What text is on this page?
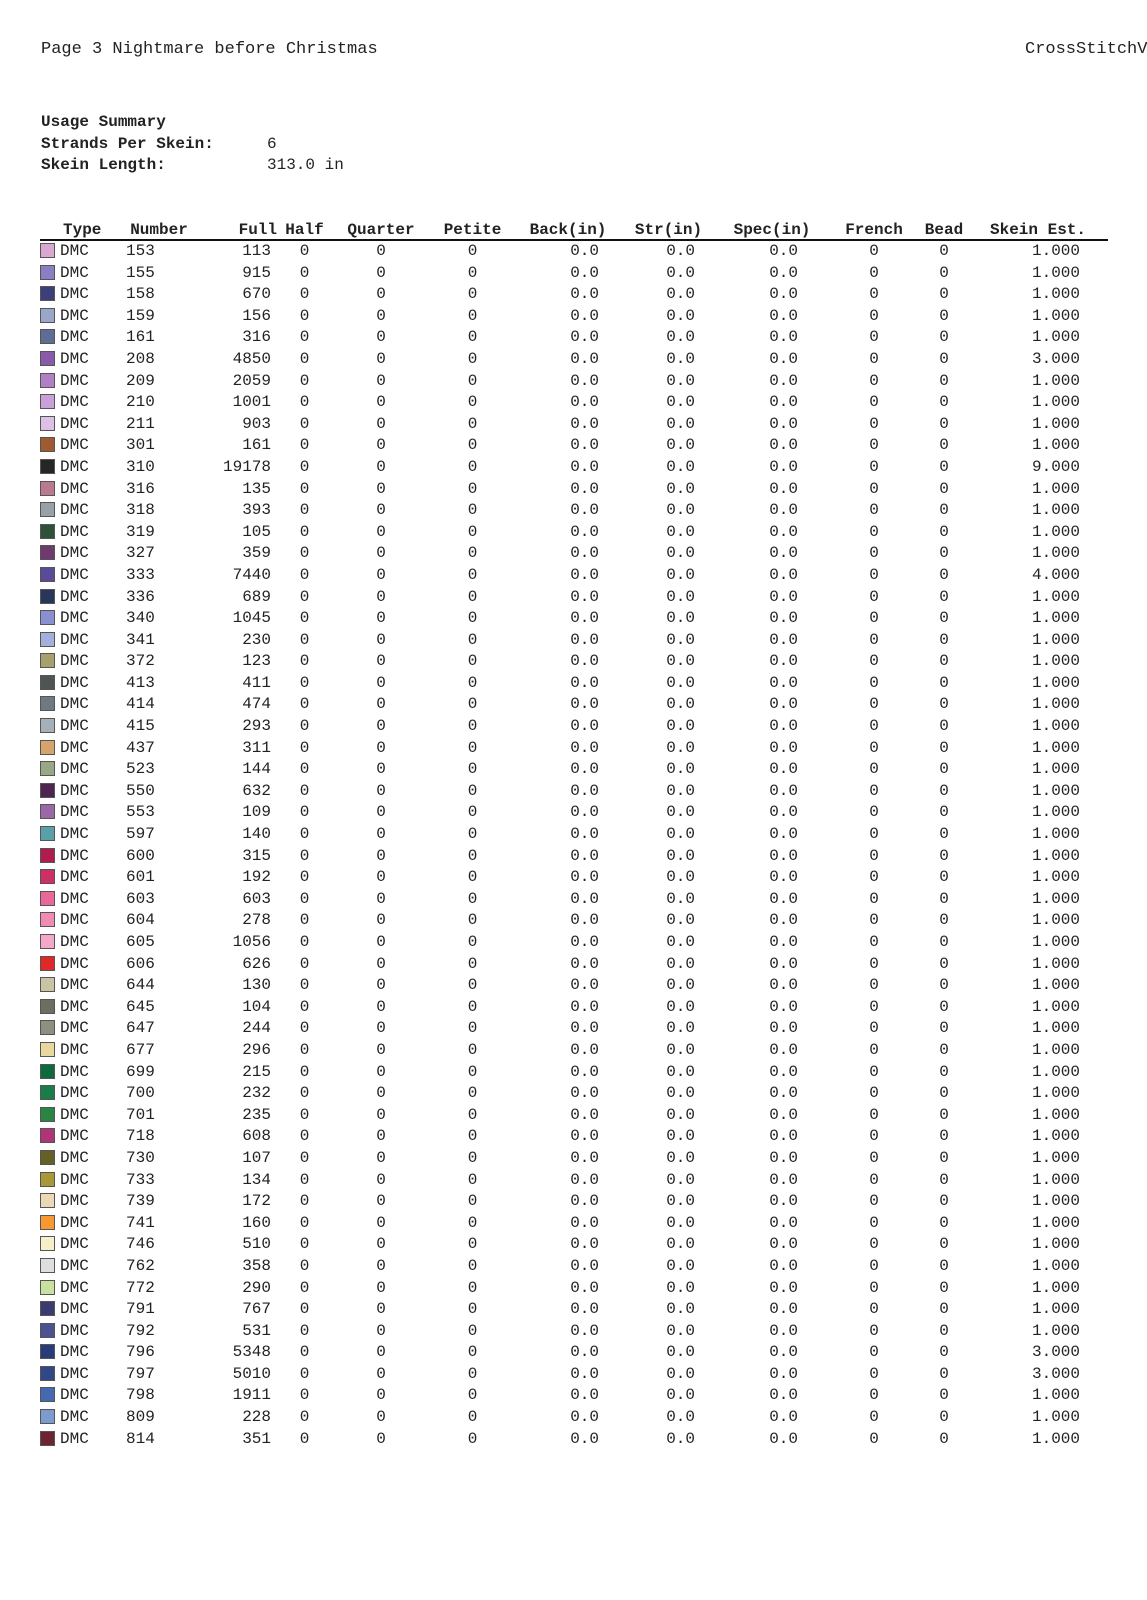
Page 3 Nightmare before Christmas	CrossStitchV
Usage Summary
Strands Per Skein:	6
Skein Length:	313.0 in
Type	Number	Full	Half	Quarter	Petite	Back(in)	Str(in)	Spec(in)	French	Bead	Skein Est.
DMC	153	113	0	0	0	0.0	0.0	0.0	0	0	1.000
DMC	155	915	0	0	0	0.0	0.0	0.0	0	0	1.000
DMC	158	670	0	0	0	0.0	0.0	0.0	0	0	1.000
DMC	159	156	0	0	0	0.0	0.0	0.0	0	0	1.000
DMC	161	316	0	0	0	0.0	0.0	0.0	0	0	1.000
DMC	208	4850	0	0	0	0.0	0.0	0.0	0	0	3.000
DMC	209	2059	0	0	0	0.0	0.0	0.0	0	0	1.000
DMC	210	1001	0	0	0	0.0	0.0	0.0	0	0	1.000
DMC	211	903	0	0	0	0.0	0.0	0.0	0	0	1.000
DMC	301	161	0	0	0	0.0	0.0	0.0	0	0	1.000
DMC	310	19178	0	0	0	0.0	0.0	0.0	0	0	9.000
DMC	316	135	0	0	0	0.0	0.0	0.0	0	0	1.000
DMC	318	393	0	0	0	0.0	0.0	0.0	0	0	1.000
DMC	319	105	0	0	0	0.0	0.0	0.0	0	0	1.000
DMC	327	359	0	0	0	0.0	0.0	0.0	0	0	1.000
DMC	333	7440	0	0	0	0.0	0.0	0.0	0	0	4.000
DMC	336	689	0	0	0	0.0	0.0	0.0	0	0	1.000
DMC	340	1045	0	0	0	0.0	0.0	0.0	0	0	1.000
DMC	341	230	0	0	0	0.0	0.0	0.0	0	0	1.000
DMC	372	123	0	0	0	0.0	0.0	0.0	0	0	1.000
DMC	413	411	0	0	0	0.0	0.0	0.0	0	0	1.000
DMC	414	474	0	0	0	0.0	0.0	0.0	0	0	1.000
DMC	415	293	0	0	0	0.0	0.0	0.0	0	0	1.000
DMC	437	311	0	0	0	0.0	0.0	0.0	0	0	1.000
DMC	523	144	0	0	0	0.0	0.0	0.0	0	0	1.000
DMC	550	632	0	0	0	0.0	0.0	0.0	0	0	1.000
DMC	553	109	0	0	0	0.0	0.0	0.0	0	0	1.000
DMC	597	140	0	0	0	0.0	0.0	0.0	0	0	1.000
DMC	600	315	0	0	0	0.0	0.0	0.0	0	0	1.000
DMC	601	192	0	0	0	0.0	0.0	0.0	0	0	1.000
DMC	603	603	0	0	0	0.0	0.0	0.0	0	0	1.000
DMC	604	278	0	0	0	0.0	0.0	0.0	0	0	1.000
DMC	605	1056	0	0	0	0.0	0.0	0.0	0	0	1.000
DMC	606	626	0	0	0	0.0	0.0	0.0	0	0	1.000
DMC	644	130	0	0	0	0.0	0.0	0.0	0	0	1.000
DMC	645	104	0	0	0	0.0	0.0	0.0	0	0	1.000
DMC	647	244	0	0	0	0.0	0.0	0.0	0	0	1.000
DMC	677	296	0	0	0	0.0	0.0	0.0	0	0	1.000
DMC	699	215	0	0	0	0.0	0.0	0.0	0	0	1.000
DMC	700	232	0	0	0	0.0	0.0	0.0	0	0	1.000
DMC	701	235	0	0	0	0.0	0.0	0.0	0	0	1.000
DMC	718	608	0	0	0	0.0	0.0	0.0	0	0	1.000
DMC	730	107	0	0	0	0.0	0.0	0.0	0	0	1.000
DMC	733	134	0	0	0	0.0	0.0	0.0	0	0	1.000
DMC	739	172	0	0	0	0.0	0.0	0.0	0	0	1.000
DMC	741	160	0	0	0	0.0	0.0	0.0	0	0	1.000
DMC	746	510	0	0	0	0.0	0.0	0.0	0	0	1.000
DMC	762	358	0	0	0	0.0	0.0	0.0	0	0	1.000
DMC	772	290	0	0	0	0.0	0.0	0.0	0	0	1.000
DMC	791	767	0	0	0	0.0	0.0	0.0	0	0	1.000
DMC	792	531	0	0	0	0.0	0.0	0.0	0	0	1.000
DMC	796	5348	0	0	0	0.0	0.0	0.0	0	0	3.000
DMC	797	5010	0	0	0	0.0	0.0	0.0	0	0	3.000
DMC	798	1911	0	0	0	0.0	0.0	0.0	0	0	1.000
DMC	809	228	0	0	0	0.0	0.0	0.0	0	0	1.000
DMC	814	351	0	0	0	0.0	0.0	0.0	0	0	1.000
